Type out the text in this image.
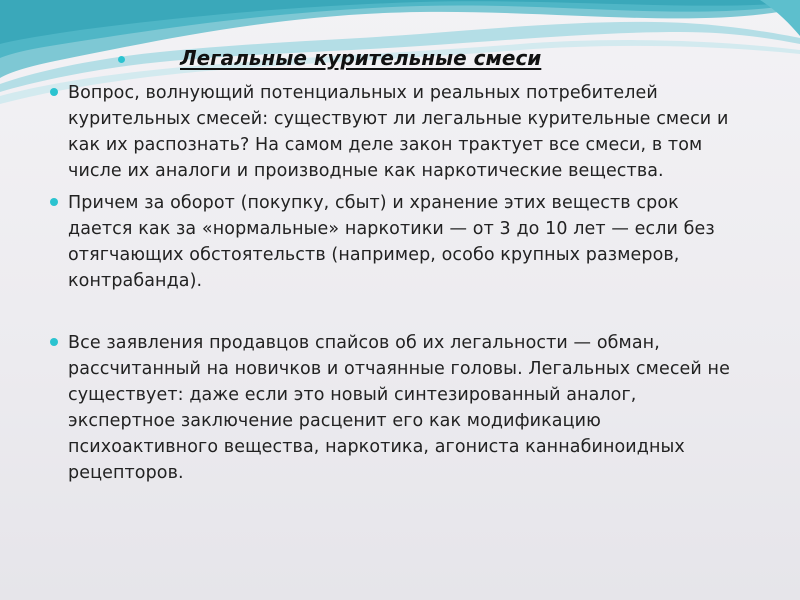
Легальные курительные смеси
Вопрос, волнующий потенциальных и реальных потребителей курительных смесей: существуют ли легальные курительные смеси и как их распознать? На самом деле закон трактует все смеси, в том числе их аналоги и производные как наркотические вещества.
Причем за оборот (покупку, сбыт) и хранение этих веществ срок дается как за «нормальные» наркотики — от 3 до 10 лет — если без отягчающих обстоятельств (например, особо крупных размеров, контрабанда).
Все заявления продавцов спайсов об их легальности — обман, рассчитанный на новичков и отчаянные головы. Легальных смесей не существует: даже если это новый синтезированный аналог, экспертное заключение расценит его как модификацию психоактивного вещества, наркотика, агониста каннабиноидных рецепторов.
